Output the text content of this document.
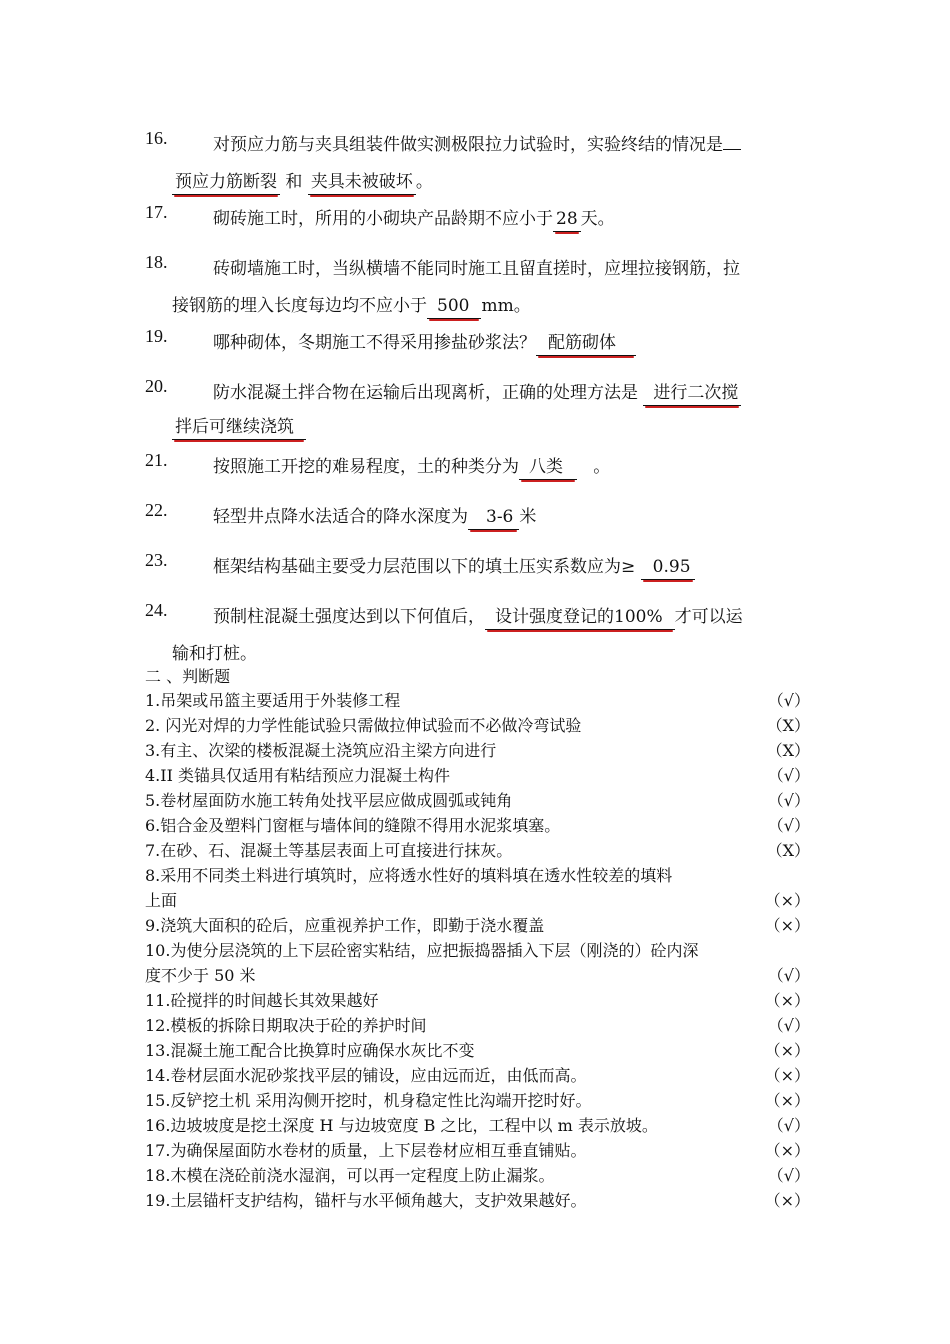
16.	对预应力筋与夹具组装件做实测极限拉力试验时，实验终结的情况是
预应力筋断裂 和 夹具未被破坏 。
17.	砌砖施工时，所用的小砌块产品龄期不应小于 28 天。
18.	砖砌墙施工时，当纵横墙不能同时施工且留直搓时，应埋拉接钢筋，拉
接钢筋的埋入长度每边均不应小于 500 mm。
19.	哪种砌体，冬期施工不得采用掺盐砂浆法？ 配筋砌体
20.	防水混凝土拌合物在运输后出现离析，正确的处理方法是 进行二次搅
拌后可继续浇筑
21.	按照施工开挖的难易程度，土的种类分为 八类 。
22.	轻型井点降水法适合的降水深度为 3-6 米
23.	框架结构基础主要受力层范围以下的填土压实系数应为≥ 0.95
24.	预制柱混凝土强度达到以下何值后， 设计强度登记的100% 才可以运
输和打桩。
二 、判断题
1.吊架或吊篮主要适用于外装修工程	（√）
2. 闪光对焊的力学性能试验只需做拉伸试验而不必做冷弯试验	（X）
3.有主、次梁的楼板混凝土浇筑应沿主梁方向进行	（X）
4.II 类锚具仅适用有粘结预应力混凝土构件	（√）
5.卷材屋面防水施工转角处找平层应做成圆弧或钝角	（√）
6.铝合金及塑料门窗框与墙体间的缝隙不得用水泥浆填塞。	（√）
7.在砂、石、混凝土等基层表面上可直接进行抹灰。	（X）
8.采用不同类土料进行填筑时，应将透水性好的填料填在透水性较差的填料
上面	（×）
9.浇筑大面积的砼后，应重视养护工作，即勤于浇水覆盖	（×）
10.为使分层浇筑的上下层砼密实粘结，应把振捣器插入下层（刚浇的）砼内深
度不少于 50 米	（√）
11.砼搅拌的时间越长其效果越好	（×）
12.模板的拆除日期取决于砼的养护时间	（√）
13.混凝土施工配合比换算时应确保水灰比不变	（×）
14.卷材层面水泥砂浆找平层的铺设，应由远而近，由低而高。	（×）
15.反铲挖土机 采用沟侧开挖时，机身稳定性比沟端开挖时好。	（×）
16.边坡坡度是挖土深度 H 与边坡宽度 B 之比，工程中以 m 表示放坡。	（√）
17.为确保屋面防水卷材的质量，上下层卷材应相互垂直铺贴。	（×）
18.木模在浇砼前浇水湿润，可以再一定程度上防止漏浆。	（√）
19.土层锚杆支护结构，锚杆与水平倾角越大，支护效果越好。	（×）
